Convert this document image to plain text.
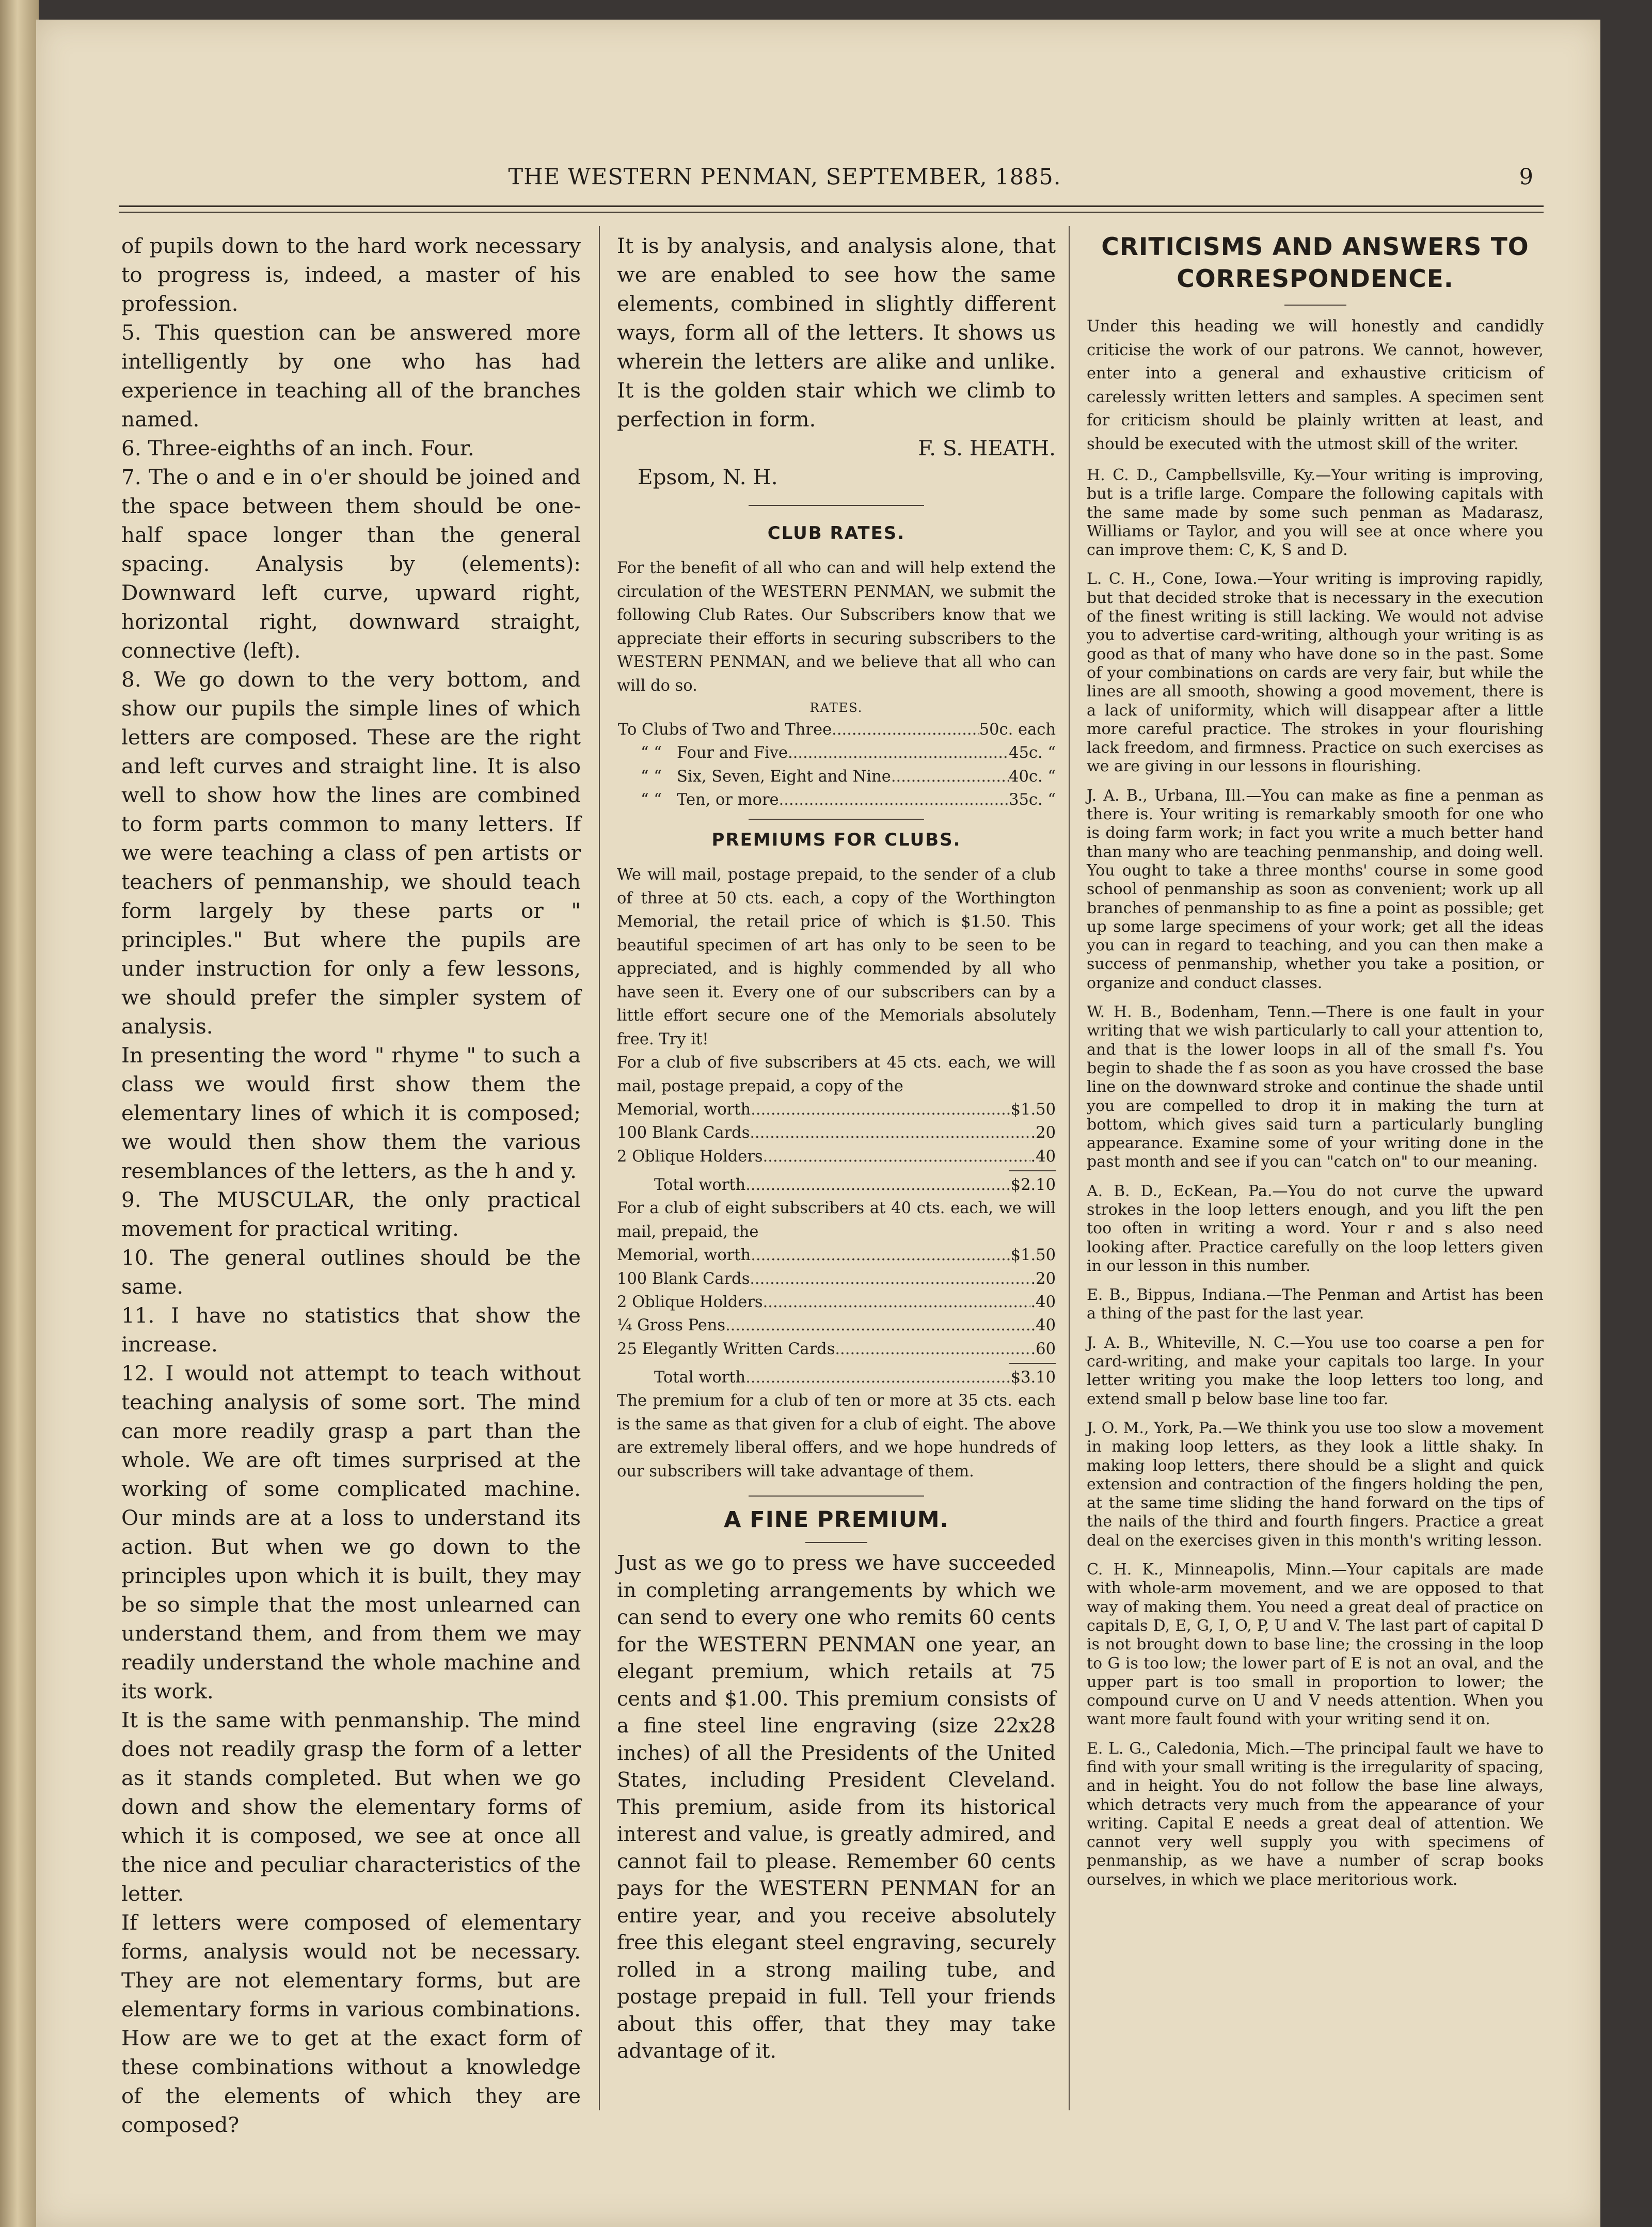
THE WESTERN PENMAN, SEPTEMBER, 1885.	9

of pupils down to the hard work necessary to progress is, indeed, a master of his profession.
5. This question can be answered more intelligently by one who has had experience in teaching all of the branches named.
6. Three-eighths of an inch. Four.
7. The o and e in o'er should be joined and the space between them should be one-half space longer than the general spacing. Analysis by (elements): Downward left curve, upward right, horizontal right, downward straight, connective (left).
8. We go down to the very bottom, and show our pupils the simple lines of which letters are composed. These are the right and left curves and straight line. It is also well to show how the lines are combined to form parts common to many letters. If we were teaching a class of pen artists or teachers of penmanship, we should teach form largely by these parts or " principles." But where the pupils are under instruction for only a few lessons, we should prefer the simpler system of analysis.
In presenting the word " rhyme " to such a class we would first show them the elementary lines of which it is composed; we would then show them the various resemblances of the letters, as the h and y.
9. The MUSCULAR, the only practical movement for practical writing.
10. The general outlines should be the same.
11. I have no statistics that show the increase.
12. I would not attempt to teach without teaching analysis of some sort. The mind can more readily grasp a part than the whole. We are oft times surprised at the working of some complicated machine. Our minds are at a loss to understand its action. But when we go down to the principles upon which it is built, they may be so simple that the most unlearned can understand them, and from them we may readily understand the whole machine and its work.
It is the same with penmanship. The mind does not readily grasp the form of a letter as it stands completed. But when we go down and show the elementary forms of which it is composed, we see at once all the nice and peculiar characteristics of the letter.
If letters were composed of elementary forms, analysis would not be necessary. They are not elementary forms, but are elementary forms in various combinations. How are we to get at the exact form of these combinations without a knowledge of the elements of which they are composed?

It is by analysis, and analysis alone, that we are enabled to see how the same elements, combined in slightly different ways, form all of the letters. It shows us wherein the letters are alike and unlike. It is the golden stair which we climb to perfection in form.

F. S. HEATH.

Epsom, N. H.

CLUB RATES.

For the benefit of all who can and will help extend the circulation of the WESTERN PENMAN, we submit the following Club Rates. Our Subscribers know that we appreciate their efforts in securing subscribers to the WESTERN PENMAN, and we believe that all who can will do so.

RATES.

To Clubs of
Two and Three .....	50c. each
“ “
Four and Five .....	45c. “
“ “
Six, Seven, Eight and Nine .....	40c. “
“ “
Ten, or more .....	35c. “

PREMIUMS FOR CLUBS.

We will mail, postage prepaid, to the sender of a club of three at 50 cts. each, a copy of the Worthington Memorial, the retail price of which is $1.50. This beautiful specimen of art has only to be seen to be appreciated, and is highly commended by all who have seen it. Every one of our subscribers can by a little effort secure one of the Memorials absolutely free. Try it!

For a club of five subscribers at 45 cts. each, we will mail, postage prepaid, a copy of the

Memorial, worth .....	$1.50
100 Blank Cards .....	.20
2 Oblique Holders .....	.40
Total worth .....	$2.10

For a club of eight subscribers at 40 cts. each, we will mail, prepaid, the

Memorial, worth .....	$1.50
100 Blank Cards .....	.20
2 Oblique Holders .....	.40
¼ Gross Pens .....	.40
25 Elegantly Written Cards .....	.60
Total worth .....	$3.10

The premium for a club of ten or more at 35 cts. each is the same as that given for a club of eight. The above are extremely liberal offers, and we hope hundreds of our subscribers will take advantage of them.

A FINE PREMIUM.

Just as we go to press we have succeeded in completing arrangements by which we can send to every one who remits 60 cents for the WESTERN PENMAN one year, an elegant premium, which retails at 75 cents and $1.00. This premium consists of a fine steel line engraving (size 22x28 inches) of all the Presidents of the United States, including President Cleveland. This premium, aside from its historical interest and value, is greatly admired, and cannot fail to please. Remember 60 cents pays for the WESTERN PENMAN for an entire year, and you receive absolutely free this elegant steel engraving, securely rolled in a strong mailing tube, and postage prepaid in full. Tell your friends about this offer, that they may take advantage of it.

CRITICISMS AND ANSWERS TO CORRESPONDENCE.

Under this heading we will honestly and candidly criticise the work of our patrons. We cannot, however, enter into a general and exhaustive criticism of carelessly written letters and samples. A specimen sent for criticism should be plainly written at least, and should be executed with the utmost skill of the writer.

H. C. D., Campbellsville, Ky.—Your writing is improving, but is a trifle large. Compare the following capitals with the same made by some such penman as Madarasz, Williams or Taylor, and you will see at once where you can improve them: C, K, S and D.

L. C. H., Cone, Iowa.—Your writing is improving rapidly, but that decided stroke that is necessary in the execution of the finest writing is still lacking. We would not advise you to advertise card-writing, although your writing is as good as that of many who have done so in the past. Some of your combinations on cards are very fair, but while the lines are all smooth, showing a good movement, there is a lack of uniformity, which will disappear after a little more careful practice. The strokes in your flourishing lack freedom, and firmness. Practice on such exercises as we are giving in our lessons in flourishing.

J. A. B., Urbana, Ill.—You can make as fine a penman as there is. Your writing is remarkably smooth for one who is doing farm work; in fact you write a much better hand than many who are teaching penmanship, and doing well. You ought to take a three months' course in some good school of penmanship as soon as convenient; work up all branches of penmanship to as fine a point as possible; get up some large specimens of your work; get all the ideas you can in regard to teaching, and you can then make a success of penmanship, whether you take a position, or organize and conduct classes.

W. H. B., Bodenham, Tenn.—There is one fault in your writing that we wish particularly to call your attention to, and that is the lower loops in all of the small f's. You begin to shade the f as soon as you have crossed the base line on the downward stroke and continue the shade until you are compelled to drop it in making the turn at bottom, which gives said turn a particularly bungling appearance. Examine some of your writing done in the past month and see if you can "catch on" to our meaning.

A. B. D., EcKean, Pa.—You do not curve the upward strokes in the loop letters enough, and you lift the pen too often in writing a word. Your r and s also need looking after. Practice carefully on the loop letters given in our lesson in this number.

E. B., Bippus, Indiana.—The Penman and Artist has been a thing of the past for the last year.

J. A. B., Whiteville, N. C.—You use too coarse a pen for card-writing, and make your capitals too large. In your letter writing you make the loop letters too long, and extend small p below base line too far.

J. O. M., York, Pa.—We think you use too slow a movement in making loop letters, as they look a little shaky. In making loop letters, there should be a slight and quick extension and contraction of the fingers holding the pen, at the same time sliding the hand forward on the tips of the nails of the third and fourth fingers. Practice a great deal on the exercises given in this month's writing lesson.

C. H. K., Minneapolis, Minn.—Your capitals are made with whole-arm movement, and we are opposed to that way of making them. You need a great deal of practice on capitals D, E, G, I, O, P, U and V. The last part of capital D is not brought down to base line; the crossing in the loop to G is too low; the lower part of E is not an oval, and the upper part is too small in proportion to lower; the compound curve on U and V needs attention. When you want more fault found with your writing send it on.

E. L. G., Caledonia, Mich.—The principal fault we have to find with your small writing is the irregularity of spacing, and in height. You do not follow the base line always, which detracts very much from the appearance of your writing. Capital E needs a great deal of attention. We cannot very well supply you with specimens of penmanship, as we have a number of scrap books ourselves, in which we place meritorious work.
